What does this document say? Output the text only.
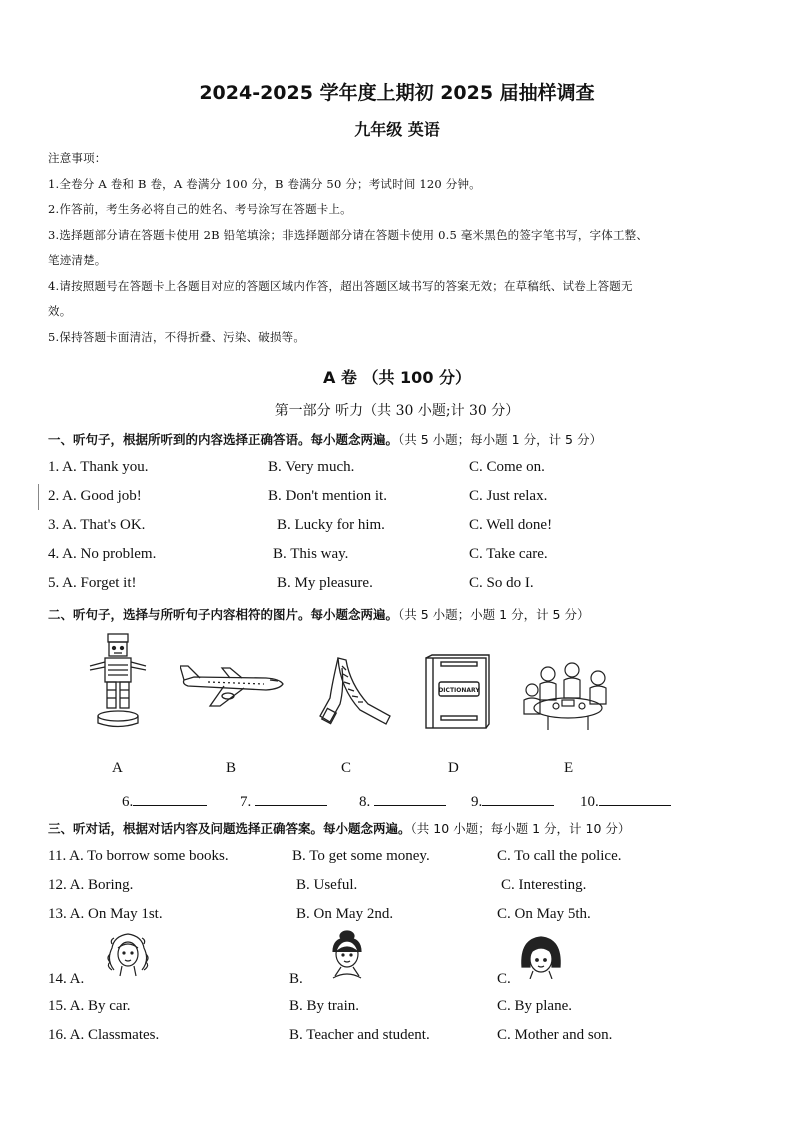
2024-2025 学年度上期初 2025 届抽样调查
九年级 英语
注意事项：
1.全卷分 A 卷和 B 卷，A 卷满分 100 分，B 卷满分 50 分；考试时间 120 分钟。
2.作答前，考生务必将自己的姓名、考号涂写在答题卡上。
3.选择题部分请在答题卡使用 2B 铅笔填涂；非选择题部分请在答题卡使用 0.5 毫米黑色的签字笔书写，字体工整、
笔迹清楚。
4.请按照题号在答题卡上各题目对应的答题区域内作答，超出答题区域书写的答案无效；在草稿纸、试卷上答题无
效。
5.保持答题卡面清洁，不得折叠、污染、破损等。
A 卷 （共 100 分）
第一部分 听力（共 30 小题;计 30 分）
一、听句子，根据所听到的内容选择正确答语。每小题念两遍。（共 5 小题；每小题 1 分，计 5 分）
1. A. Thank you.	B. Very much.	C. Come on.
2. A. Good job!	B. Don't mention it.	C. Just relax.
3. A. That's OK.	B. Lucky for him.	C. Well done!
4. A. No problem.	B. This way.	C. Take care.
5. A. Forget it!	B. My pleasure.	C. So do I.
二、听句子，选择与所听句子内容相符的图片。每小题念两遍。（共 5 小题；小题 1 分，计 5 分）
DICTIONARY
A	B	C	D	E
6.	7.	8.	9.	10.
三、听对话，根据对话内容及问题选择正确答案。每小题念两遍。（共 10 小题；每小题 1 分，计 10 分）
11. A. To borrow some books.	B. To get some money.	C. To call the police.
12. A. Boring.	B. Useful.	C. Interesting.
13. A. On May 1st.	B. On May 2nd.	C. On May 5th.
14. A.	B.	C.
15. A. By car.	B. By train.	C. By plane.
16. A. Classmates.	B. Teacher and student.	C. Mother and son.
